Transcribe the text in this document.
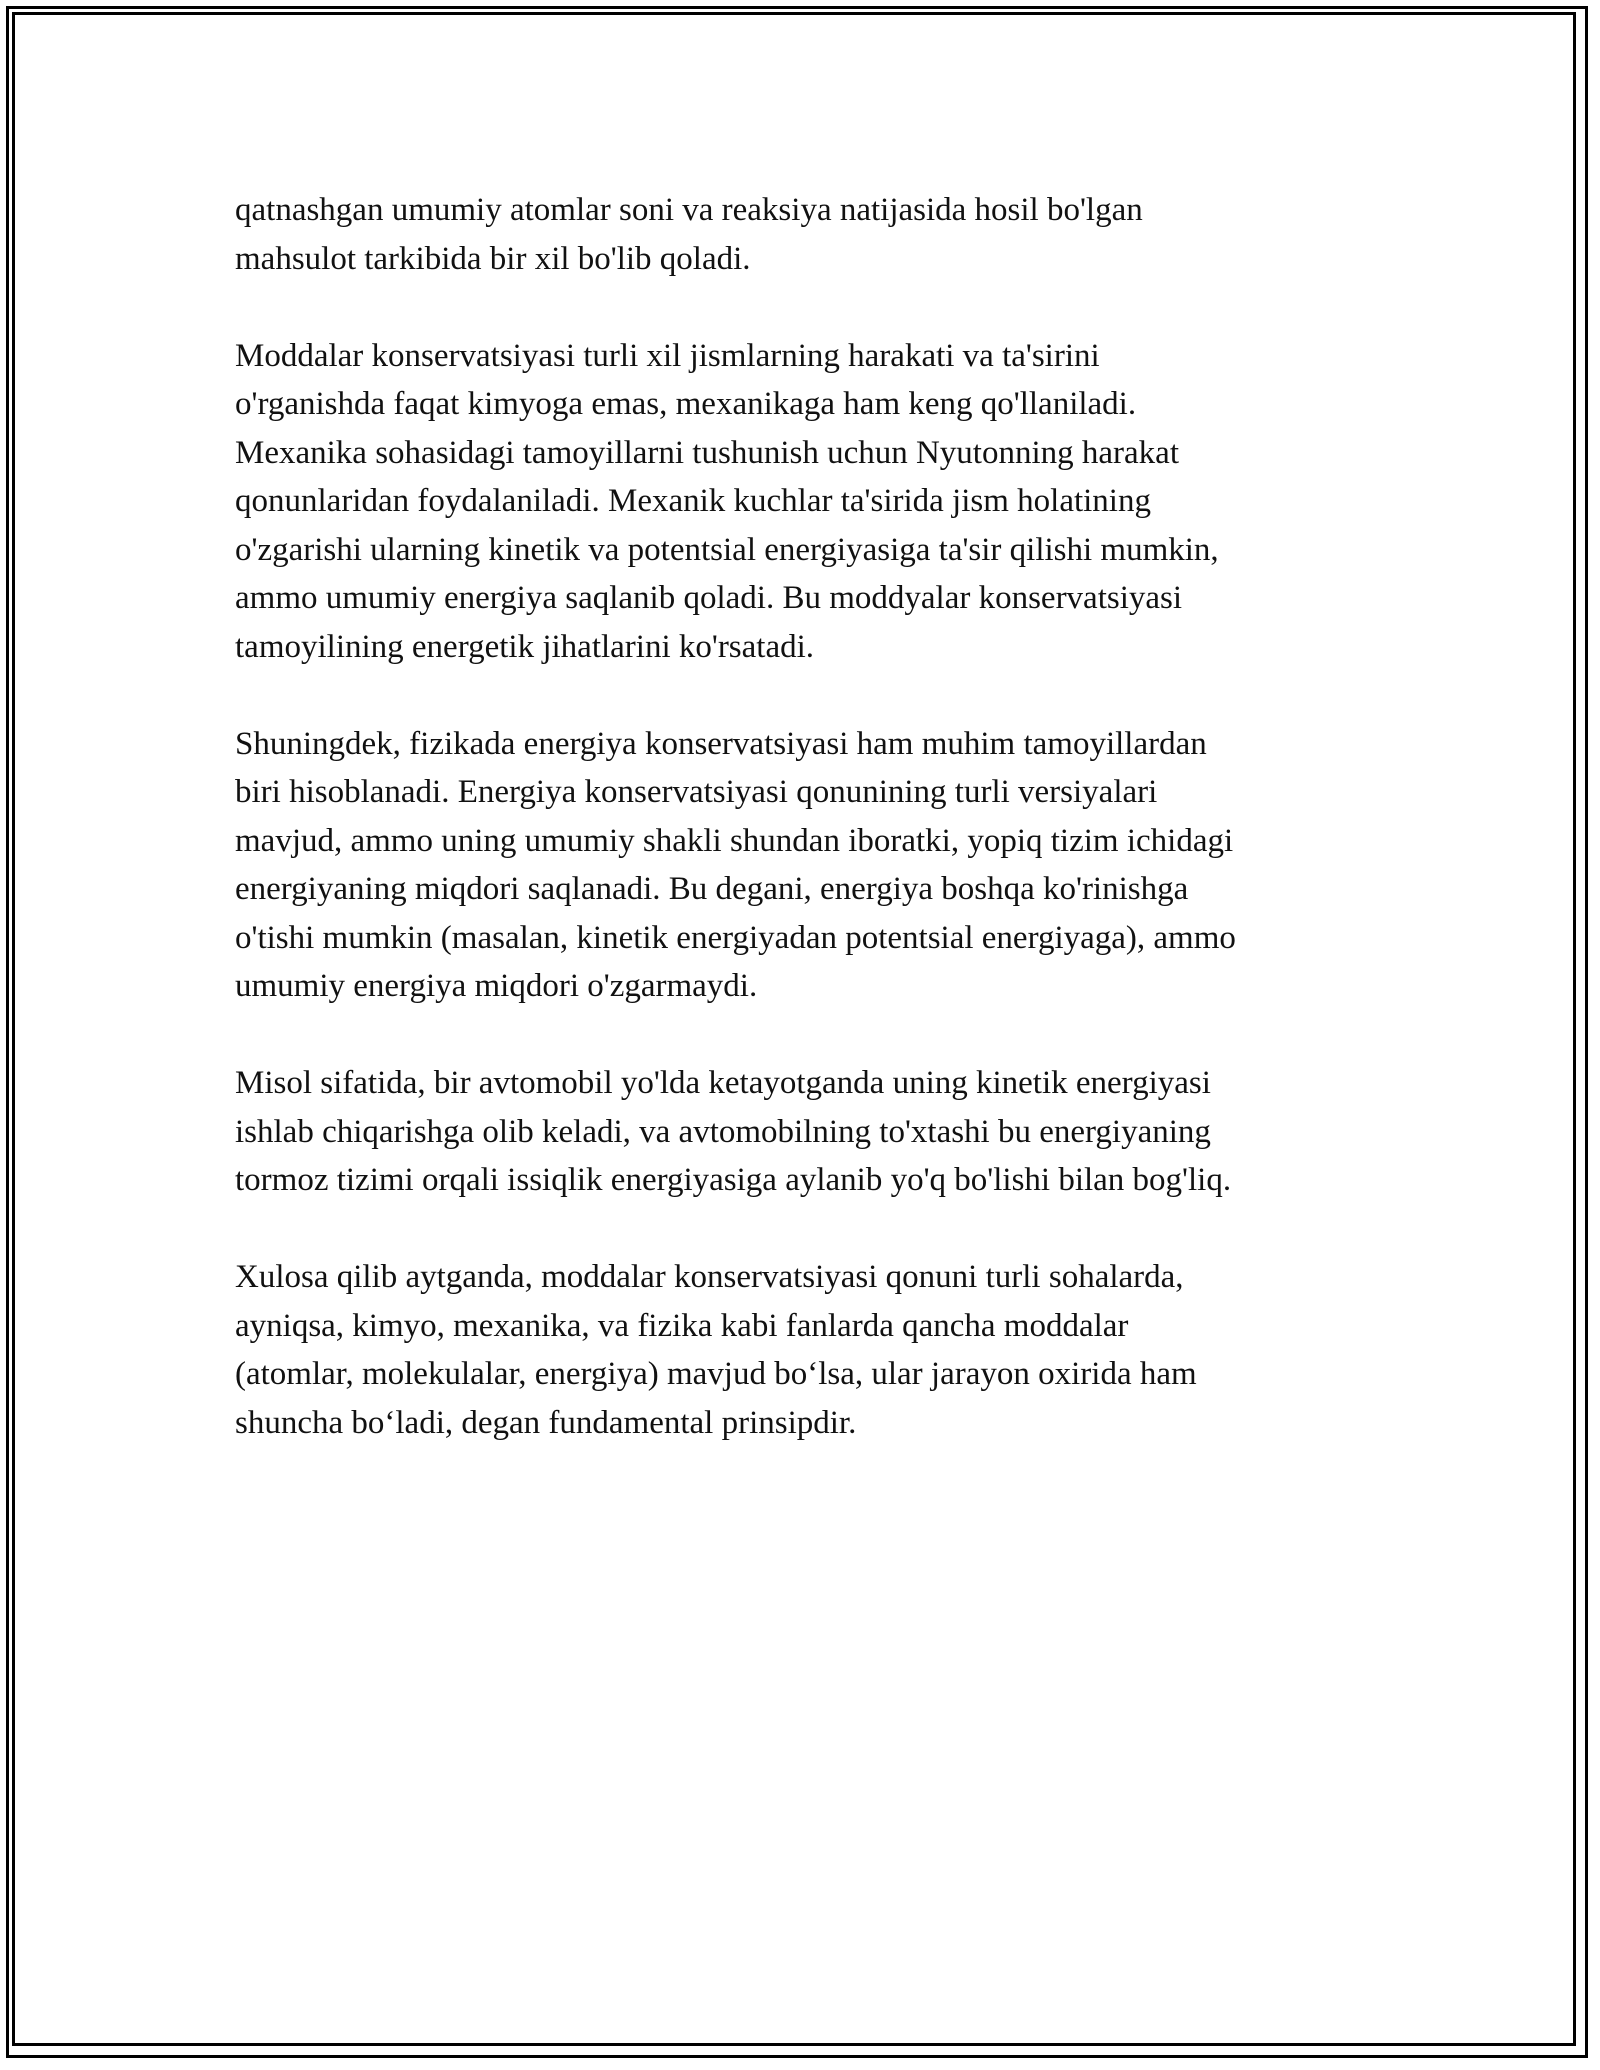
qatnashgan umumiy atomlar soni va reaksiya natijasida hosil bo'lgan
mahsulot tarkibida bir xil bo'lib qoladi.

Moddalar konservatsiyasi turli xil jismlarning harakati va ta'sirini
o'rganishda faqat kimyoga emas, mexanikaga ham keng qo'llaniladi.
Mexanika sohasidagi tamoyillarni tushunish uchun Nyutonning harakat
qonunlaridan foydalaniladi. Mexanik kuchlar ta'sirida jism holatining
o'zgarishi ularning kinetik va potentsial energiyasiga ta'sir qilishi mumkin,
ammo umumiy energiya saqlanib qoladi. Bu moddyalar konservatsiyasi
tamoyilining energetik jihatlarini ko'rsatadi.

Shuningdek, fizikada energiya konservatsiyasi ham muhim tamoyillardan
biri hisoblanadi. Energiya konservatsiyasi qonunining turli versiyalari
mavjud, ammo uning umumiy shakli shundan iboratki, yopiq tizim ichidagi
energiyaning miqdori saqlanadi. Bu degani, energiya boshqa ko'rinishga
o'tishi mumkin (masalan, kinetik energiyadan potentsial energiyaga), ammo
umumiy energiya miqdori o'zgarmaydi.

Misol sifatida, bir avtomobil yo'lda ketayotganda uning kinetik energiyasi
ishlab chiqarishga olib keladi, va avtomobilning to'xtashi bu energiyaning
tormoz tizimi orqali issiqlik energiyasiga aylanib yo'q bo'lishi bilan bog'liq.

Xulosa qilib aytganda, moddalar konservatsiyasi qonuni turli sohalarda,
ayniqsa, kimyo, mexanika, va fizika kabi fanlarda qancha moddalar
(atomlar, molekulalar, energiya) mavjud bo‘lsa, ular jarayon oxirida ham
shuncha bo‘ladi, degan fundamental prinsipdir.
